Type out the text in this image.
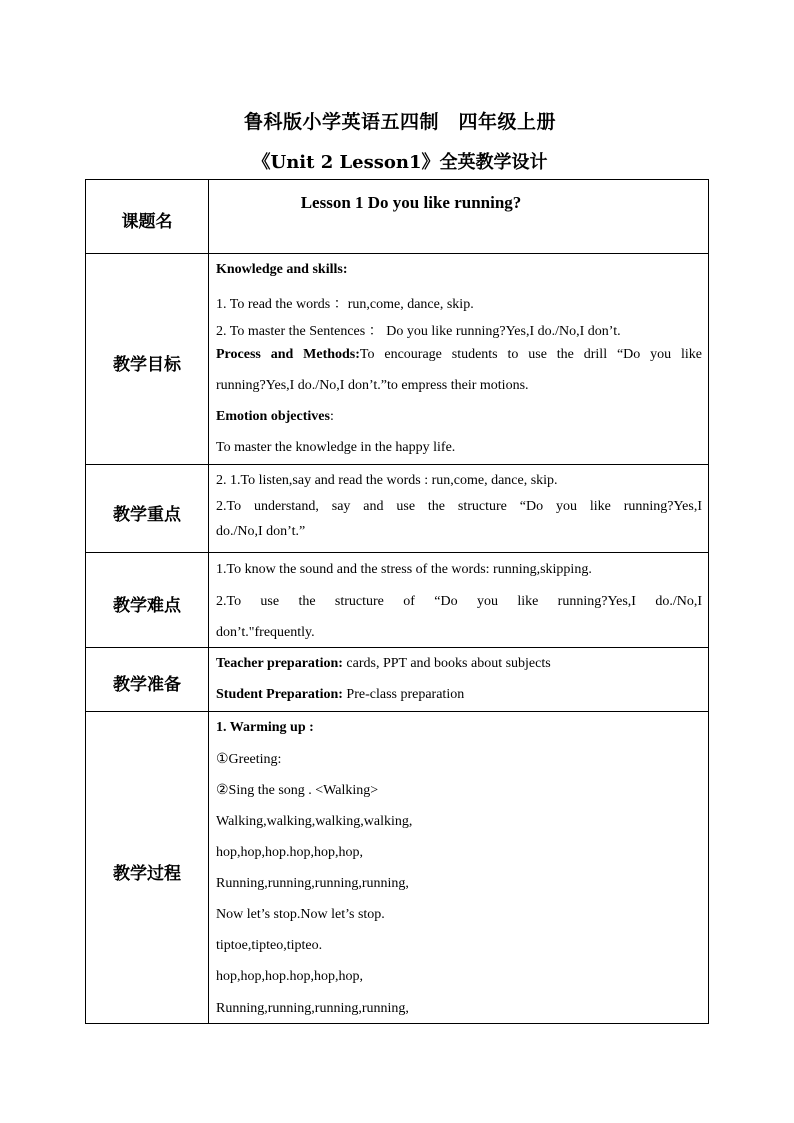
鲁科版小学英语五四制　四年级上册
《Unit 2 Lesson1》全英教学设计
课题名
Lesson 1 Do you like running?
教学目标
Knowledge and skills:
1. To read the words ：run,come, dance, skip.
2. To master the Sentences ： Do you like running?Yes,I do./No,I don’t.
Process and Methods:To encourage students to use the drill “Do you like
running?Yes,I do./No,I don’t.”to empress their motions.
Emotion objectives:
To master the knowledge in the happy life.
教学重点
2. 1.To listen,say and read the words : run,come, dance, skip.
2.To understand, say and use the structure “Do you like running?Yes,I
do./No,I don’t.”
教学难点
1.To know the sound and the stress of the words: running,skipping.
2.To use the structure of “Do you like running?Yes,I do./No,I
don’t."frequently.
教学准备
Teacher preparation: cards, PPT and books about subjects
Student Preparation: Pre-class preparation
教学过程
1. Warming up :
①Greeting:
②Sing the song . <Walking>
Walking,walking,walking,walking,
hop,hop,hop.hop,hop,hop,
Running,running,running,running,
Now let’s stop.Now let’s stop.
tiptoe,tipteo,tipteo.
hop,hop,hop.hop,hop,hop,
Running,running,running,running,
